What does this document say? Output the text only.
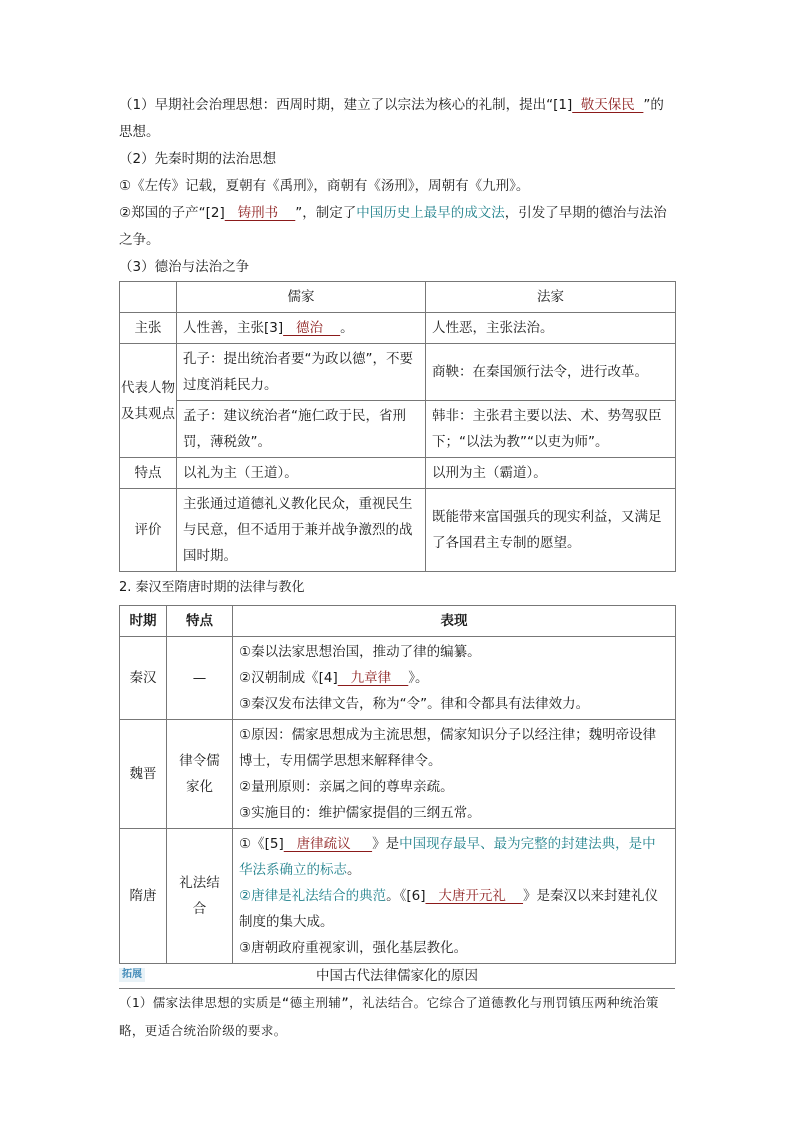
（1）早期社会治理思想：西周时期，建立了以宗法为核心的礼制，提出“[1]  敬天保民  ”的思想。

（2）先秦时期的法治思想

①《左传》记载，夏朝有《禹刑》，商朝有《汤刑》，周朝有《九刑》。

②郑国的子产“[2]   铸刑书    ”，制定了中国历史上最早的成文法，引发了早期的德治与法治之争。

（3）德治与法治之争

	儒家	法家
主张	人性善，主张[3]   德治    。	人性恶，主张法治。
代表人物及其观点	孔子：提出统治者要“为政以德”，不要过度消耗民力。	商鞅：在秦国颁行法令，进行改革。
	孟子：建议统治者“施仁政于民，省刑罚，薄税敛”。	韩非：主张君主要以法、术、势驾驭臣下；“以法为教”“以吏为师”。
特点	以礼为主（王道）。	以刑为主（霸道）。
评价	主张通过道德礼义教化民众，重视民生与民意，但不适用于兼并战争激烈的战国时期。	既能带来富国强兵的现实利益，又满足了各国君主专制的愿望。

2. 秦汉至隋唐时期的法律与教化

时期	特点	表现
秦汉	—	①秦以法家思想治国，推动了律的编纂。
②汉朝制成《[4]   九章律    》。
③秦汉发布法律文告，称为“令”。律和令都具有法律效力。

魏晋	律令儒家化	①原因：儒家思想成为主流思想，儒家知识分子以经注律；魏明帝设律博士，专用儒学思想来解释律令。
②量刑原则：亲属之间的尊卑亲疏。
③实施目的：维护儒家提倡的三纲五常。

隋唐	礼法结合	①《[5]   唐律疏议     》是中国现存最早、最为完整的封建法典，是中华法系确立的标志。
②唐律是礼法结合的典范。《[6]   大唐开元礼    》是秦汉以来封建礼仪制度的集大成。
③唐朝政府重视家训，强化基层教化。
拓展	中国古代法律儒家化的原因

（1）儒家法律思想的实质是“德主刑辅”，礼法结合。它综合了道德教化与刑罚镇压两种统治策略，更适合统治阶级的要求。
